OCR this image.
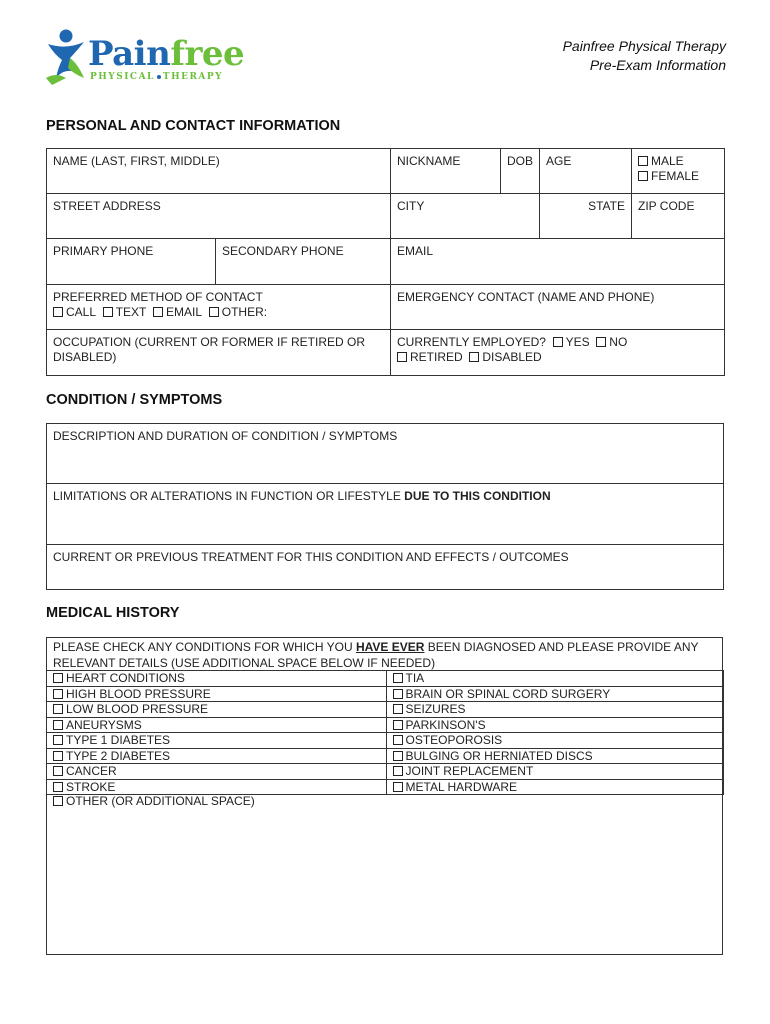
Painfree
PHYSICAL THERAPY
Painfree Physical Therapy
Pre-Exam Information
PERSONAL AND CONTACT INFORMATION
NAME (LAST, FIRST, MIDDLE)		NICKNAME	DOB	AGE	MALE
FEMALE

STREET ADDRESS		CITY		STATE	ZIP CODE
PRIMARY PHONE	SECONDARY PHONE	EMAIL			

PREFERRED METHOD OF CONTACT
CALL TEXT EMAIL OTHER:		EMERGENCY CONTACT (NAME AND PHONE)			
OCCUPATION (CURRENT OR FORMER IF RETIRED OR DISABLED)		CURRENTLY EMPLOYED? YES NO
RETIRED DISABLED			
CONDITION / SYMPTOMS
DESCRIPTION AND DURATION OF CONDITION / SYMPTOMS
LIMITATIONS OR ALTERATIONS IN FUNCTION OR LIFESTYLE DUE TO THIS CONDITION
CURRENT OR PREVIOUS TREATMENT FOR THIS CONDITION AND EFFECTS / OUTCOMES
MEDICAL HISTORY
PLEASE CHECK ANY CONDITIONS FOR WHICH YOU HAVE EVER BEEN DIAGNOSED AND PLEASE PROVIDE ANY RELEVANT DETAILS (USE ADDITIONAL SPACE BELOW IF NEEDED)
HEART CONDITIONS	TIA
HIGH BLOOD PRESSURE	BRAIN OR SPINAL CORD SURGERY
LOW BLOOD PRESSURE	SEIZURES
ANEURYSMS	PARKINSON'S
TYPE 1 DIABETES	OSTEOPOROSIS
TYPE 2 DIABETES	BULGING OR HERNIATED DISCS
CANCER	JOINT REPLACEMENT
STROKE	METAL HARDWARE
OTHER (OR ADDITIONAL SPACE)
